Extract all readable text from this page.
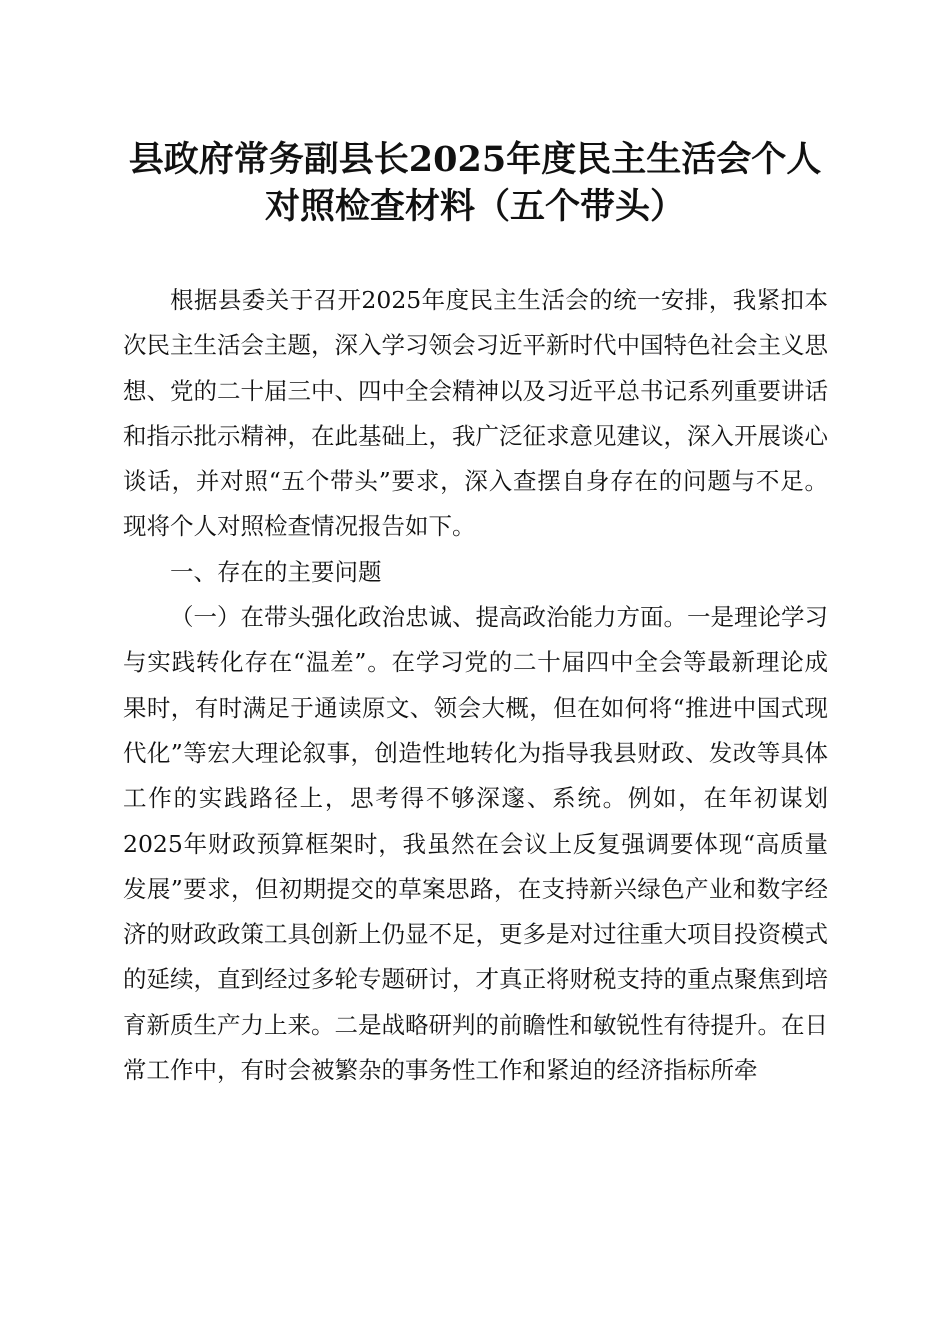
县政府常务副县长2025年度民主生活会个人
对照检查材料（五个带头）

根据县委关于召开2025年度民主生活会的统一安排，我紧扣本次民主生活会主题，深入学习领会习近平新时代中国特色社会主义思想、党的二十届三中、四中全会精神以及习近平总书记系列重要讲话和指示批示精神，在此基础上，我广泛征求意见建议，深入开展谈心谈话，并对照“五个带头”要求，深入查摆自身存在的问题与不足。现将个人对照检查情况报告如下。

一、存在的主要问题

（一）在带头强化政治忠诚、提高政治能力方面。一是理论学习与实践转化存在“温差”。在学习党的二十届四中全会等最新理论成果时，有时满足于通读原文、领会大概，但在如何将“推进中国式现代化”等宏大理论叙事，创造性地转化为指导我县财政、发改等具体工作的实践路径上，思考得不够深邃、系统。例如，在年初谋划2025年财政预算框架时，我虽然在会议上反复强调要体现“高质量发展”要求，但初期提交的草案思路，在支持新兴绿色产业和数字经济的财政政策工具创新上仍显不足，更多是对过往重大项目投资模式的延续，直到经过多轮专题研讨，才真正将财税支持的重点聚焦到培育新质生产力上来。二是战略研判的前瞻性和敏锐性有待提升。在日常工作中，有时会被繁杂的事务性工作和紧迫的经济指标所牵
